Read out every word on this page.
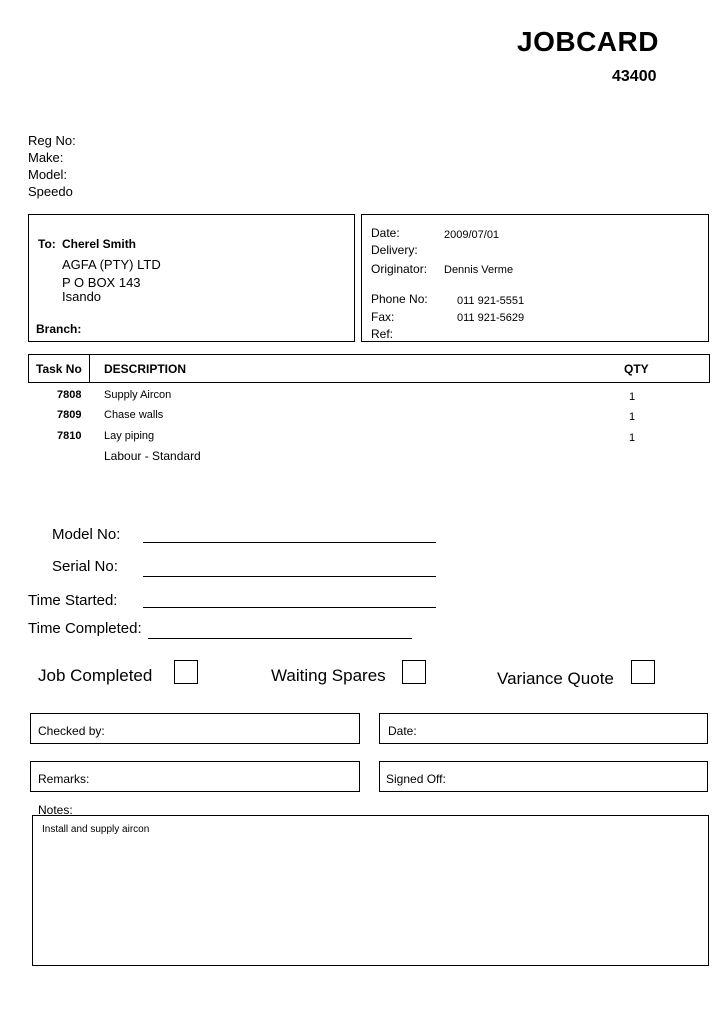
JOBCARD
43400
Reg No:
Make:
Model:
Speedo
To: Cherel Smith
AGFA (PTY) LTD
P O BOX 143
Isando
Branch:
Date:	2009/07/01
Delivery:
Originator: Dennis Verme
Phone No:	011 921-5551
Fax:	011 921-5629
Ref:
Task No DESCRIPTION	QTY
7808 Supply Aircon	1
7809 Chase walls	1
7810 Lay piping	1
Labour - Standard
Model No:
Serial No:
Time Started:
Time Completed:
Job Completed	Waiting Spares	Variance Quote
Checked by:	Date:
Remarks:	Signed Off:
Notes:
Install and supply aircon
